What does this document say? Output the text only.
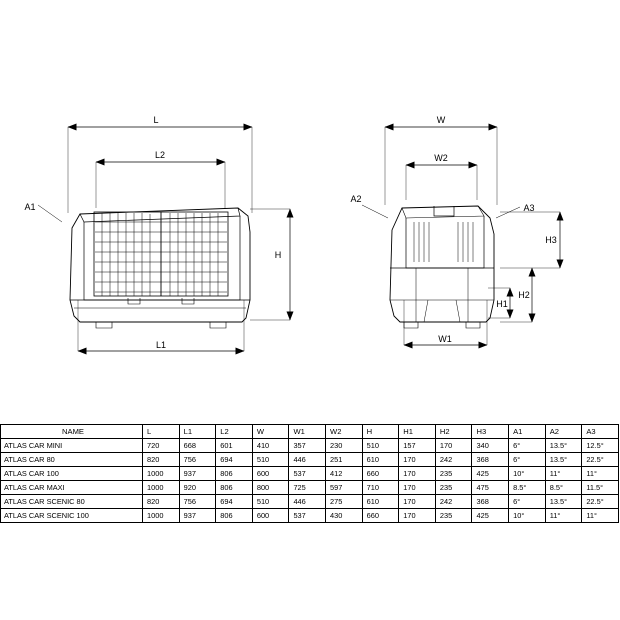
L
L2
L1
H
A1
W
W2
W1
H3
H2
H1
A2
A3
NAME	L	L1	L2	W	W1	W2	H	H1	H2	H3	A1	A2	A3
ATLAS CAR MINI	720	668	601	410	357	230	510	157	170	340	6°	13.5°	12.5°
ATLAS CAR 80	820	756	694	510	446	251	610	170	242	368	6°	13.5°	22.5°
ATLAS CAR 100	1000	937	806	600	537	412	660	170	235	425	10°	11°	11°
ATLAS CAR MAXI	1000	920	806	800	725	597	710	170	235	475	8.5°	8.5°	11.5°
ATLAS CAR SCENIC 80	820	756	694	510	446	275	610	170	242	368	6°	13.5°	22.5°
ATLAS CAR SCENIC 100	1000	937	806	600	537	430	660	170	235	425	10°	11°	11°
